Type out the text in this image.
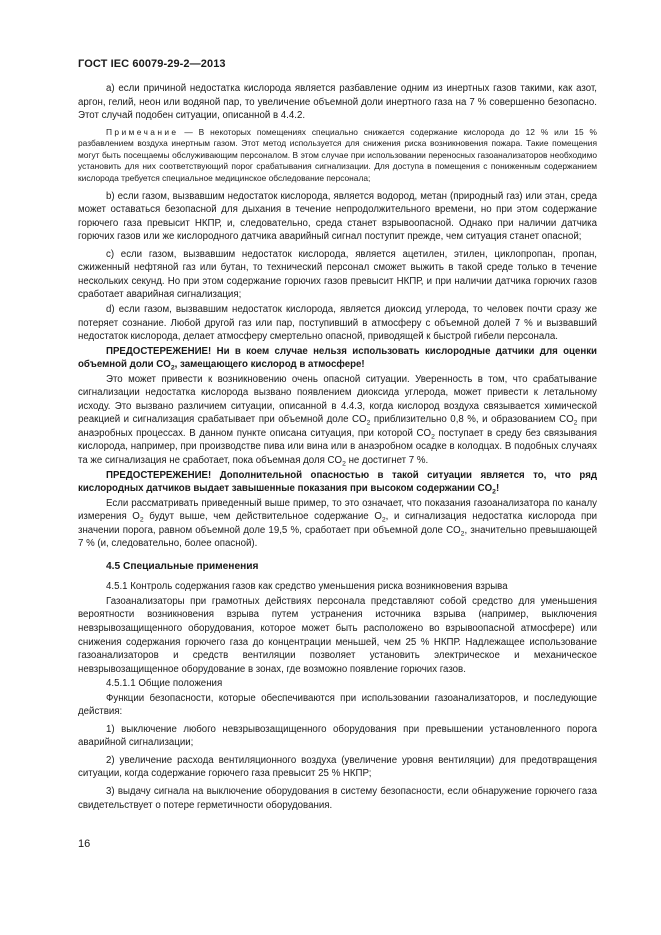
ГОСТ IEC 60079-29-2—2013

а) если причиной недостатка кислорода является разбавление одним из инертных газов такими, как азот, аргон, гелий, неон или водяной пар, то увеличение объемной доли инертного газа на 7 % совершенно безопасно. Этот случай подобен ситуации, описанной в 4.4.2.

Примечание — В некоторых помещениях специально снижается содержание кислорода до 12 % или 15 % разбавлением воздуха инертным газом. Этот метод используется для снижения риска возникновения пожара. Такие помещения могут быть посещаемы обслуживающим персоналом. В этом случае при использовании переносных газоанализаторов необходимо установить для них соответствующий порог срабатывания сигнализации. Для доступа в помещения с пониженным содержанием кислорода требуется специальное медицинское обследование персонала;

b) если газом, вызвавшим недостаток кислорода, является водород, метан (природный газ) или этан, среда может оставаться безопасной для дыхания в течение непродолжительного времени, но при этом содержание горючего газа превысит НКПР, и, следовательно, среда станет взрывоопасной. Однако при наличии датчика горючих газов или же кислородного датчика аварийный сигнал поступит прежде, чем ситуация станет опасной;

c) если газом, вызвавшим недостаток кислорода, является ацетилен, этилен, циклопропан, пропан, сжиженный нефтяной газ или бутан, то технический персонал сможет выжить в такой среде только в течение нескольких секунд. Но при этом содержание горючих газов превысит НКПР, и при наличии датчика горючих газов сработает аварийная сигнализация;

d) если газом, вызвавшим недостаток кислорода, является диоксид углерода, то человек почти сразу же потеряет сознание. Любой другой газ или пар, поступивший в атмосферу с объемной долей 7 % и вызвавший недостаток кислорода, делает атмосферу смертельно опасной, приводящей к быстрой гибели персонала.

ПРЕДОСТЕРЕЖЕНИЕ! Ни в коем случае нельзя использовать кислородные датчики для оценки объемной доли $CO_2$, замещающего кислород в атмосфере!

Это может привести к возникновению очень опасной ситуации. Уверенность в том, что срабатывание сигнализации недостатка кислорода вызвано появлением диоксида углерода, может привести к летальному исходу. Это вызвано различием ситуации, описанной в 4.4.3, когда кислород воздуха связывается химической реакцией и сигнализация срабатывает при объемной доле $CO_2$ приблизительно 0,8 %, и образованием $CO_2$ при анаэробных процессах. В данном пункте описана ситуация, при которой $CO_2$ поступает в среду без связывания кислорода, например, при производстве пива или вина или в анаэробном осадке в колодцах. В подобных случаях та же сигнализация не сработает, пока объемная доля $CO_2$ не достигнет 7 %.

ПРЕДОСТЕРЕЖЕНИЕ! Дополнительной опасностью в такой ситуации является то, что ряд кислородных датчиков выдает завышенные показания при высоком содержании $CO_2$!

Если рассматривать приведенный выше пример, то это означает, что показания газоанализатора по каналу измерения $O_2$ будут выше, чем действительное содержание $O_2$, и сигнализация недостатка кислорода при значении порога, равном объемной доле 19,5 %, сработает при объемной доле $CO_2$, значительно превышающей 7 % (и, следовательно, более опасной).

4.5 Специальные применения

4.5.1 Контроль содержания газов как средство уменьшения риска возникновения взрыва

Газоанализаторы при грамотных действиях персонала представляют собой средство для уменьшения вероятности возникновения взрыва путем устранения источника взрыва (например, выключения невзрывозащищенного оборудования, которое может быть расположено во взрывоопасной атмосфере) или снижения содержания горючего газа до концентрации меньшей, чем 25 % НКПР. Надлежащее использование газоанализаторов и средств вентиляции позволяет установить электрическое и механическое невзрывозащищенное оборудование в зонах, где возможно появление горючих газов.

4.5.1.1 Общие положения

Функции безопасности, которые обеспечиваются при использовании газоанализаторов, и последующие действия:

1) выключение любого невзрывозащищенного оборудования при превышении установленного порога аварийной сигнализации;

2) увеличение расхода вентиляционного воздуха (увеличение уровня вентиляции) для предотвращения ситуации, когда содержание горючего газа превысит 25 % НКПР;

3) выдачу сигнала на выключение оборудования в систему безопасности, если обнаружение горючего газа свидетельствует о потере герметичности оборудования.

16
